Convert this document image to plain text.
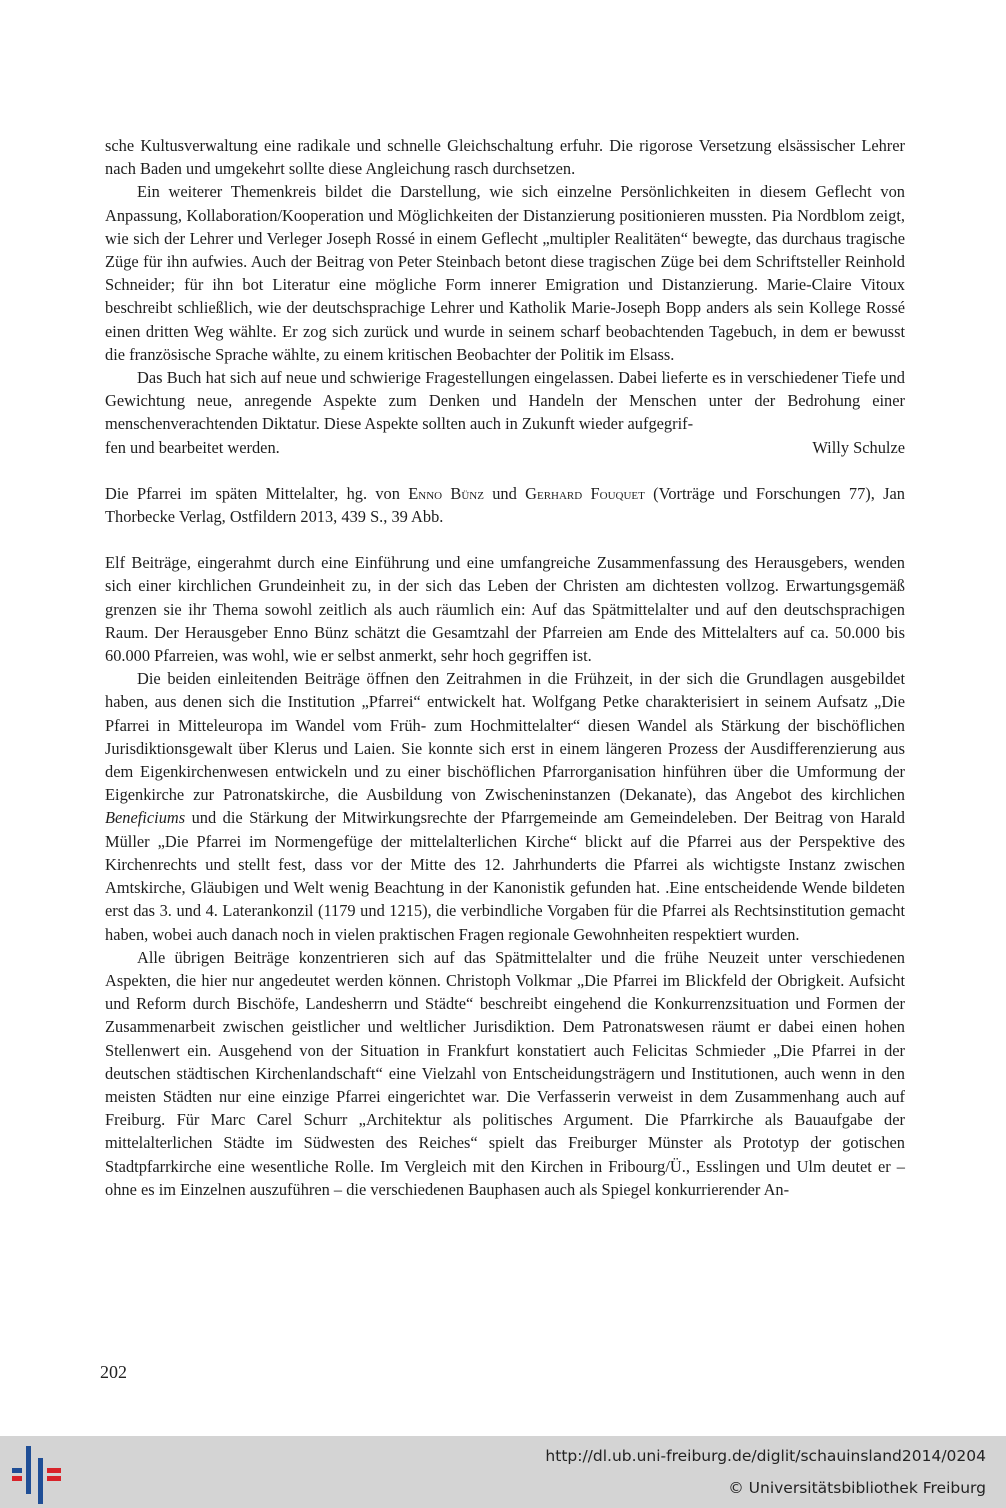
sche Kultusverwaltung eine radikale und schnelle Gleichschaltung erfuhr. Die rigorose Versetzung elsässischer Lehrer nach Baden und umgekehrt sollte diese Angleichung rasch durchsetzen.

Ein weiterer Themenkreis bildet die Darstellung, wie sich einzelne Persönlichkeiten in diesem Geflecht von Anpassung, Kollaboration/Kooperation und Möglichkeiten der Distanzierung positionieren mussten. Pia Nordblom zeigt, wie sich der Lehrer und Verleger Joseph Rossé in einem Geflecht „multipler Realitäten“ bewegte, das durchaus tragische Züge für ihn aufwies. Auch der Beitrag von Peter Steinbach betont diese tragischen Züge bei dem Schriftsteller Reinhold Schneider; für ihn bot Literatur eine mögliche Form innerer Emigration und Distanzierung. Marie-Claire Vitoux beschreibt schließlich, wie der deutschsprachige Lehrer und Katholik Marie-Joseph Bopp anders als sein Kollege Rossé einen dritten Weg wählte. Er zog sich zurück und wurde in seinem scharf beobachtenden Tagebuch, in dem er bewusst die französische Sprache wählte, zu einem kritischen Beobachter der Politik im Elsass.

Das Buch hat sich auf neue und schwierige Fragestellungen eingelassen. Dabei lieferte es in verschiedener Tiefe und Gewichtung neue, anregende Aspekte zum Denken und Handeln der Menschen unter der Bedrohung einer menschenverachtenden Diktatur. Diese Aspekte sollten auch in Zukunft wieder aufgegrif-

fen und bearbeitet werden.	Willy Schulze

Die Pfarrei im späten Mittelalter, hg. von Enno Bünz und Gerhard Fouquet (Vorträge und Forschungen 77), Jan Thorbecke Verlag, Ostfildern 2013, 439 S., 39 Abb.

Elf Beiträge, eingerahmt durch eine Einführung und eine umfangreiche Zusammenfassung des Herausgebers, wenden sich einer kirchlichen Grundeinheit zu, in der sich das Leben der Christen am dichtesten vollzog. Erwartungsgemäß grenzen sie ihr Thema sowohl zeitlich als auch räumlich ein: Auf das Spätmittelalter und auf den deutschsprachigen Raum. Der Herausgeber Enno Bünz schätzt die Gesamtzahl der Pfarreien am Ende des Mittelalters auf ca. 50.000 bis 60.000 Pfarreien, was wohl, wie er selbst anmerkt, sehr hoch gegriffen ist.

Die beiden einleitenden Beiträge öffnen den Zeitrahmen in die Frühzeit, in der sich die Grundlagen ausgebildet haben, aus denen sich die Institution „Pfarrei“ entwickelt hat. Wolfgang Petke charakterisiert in seinem Aufsatz „Die Pfarrei in Mitteleuropa im Wandel vom Früh- zum Hochmittelalter“ diesen Wandel als Stärkung der bischöflichen Jurisdiktionsgewalt über Klerus und Laien. Sie konnte sich erst in einem längeren Prozess der Ausdifferenzierung aus dem Eigenkirchenwesen entwickeln und zu einer bischöflichen Pfarrorganisation hinführen über die Umformung der Eigenkirche zur Patronatskirche, die Ausbildung von Zwischeninstanzen (Dekanate), das Angebot des kirchlichen Beneficiums und die Stärkung der Mitwirkungsrechte der Pfarrgemeinde am Gemeindeleben. Der Beitrag von Harald Müller „Die Pfarrei im Normengefüge der mittelalterlichen Kirche“ blickt auf die Pfarrei aus der Perspektive des Kirchenrechts und stellt fest, dass vor der Mitte des 12. Jahrhunderts die Pfarrei als wichtigste Instanz zwischen Amtskirche, Gläubigen und Welt wenig Beachtung in der Kanonistik gefunden hat. .Eine entscheidende Wende bildeten erst das 3. und 4. Laterankonzil (1179 und 1215), die verbindliche Vorgaben für die Pfarrei als Rechtsinstitution gemacht haben, wobei auch danach noch in vielen praktischen Fragen regionale Gewohnheiten respektiert wurden.

Alle übrigen Beiträge konzentrieren sich auf das Spätmittelalter und die frühe Neuzeit unter verschiedenen Aspekten, die hier nur angedeutet werden können. Christoph Volkmar „Die Pfarrei im Blickfeld der Obrigkeit. Aufsicht und Reform durch Bischöfe, Landesherrn und Städte“ beschreibt eingehend die Konkurrenzsituation und Formen der Zusammenarbeit zwischen geistlicher und weltlicher Jurisdiktion. Dem Patronatswesen räumt er dabei einen hohen Stellenwert ein. Ausgehend von der Situation in Frankfurt konstatiert auch Felicitas Schmieder „Die Pfarrei in der deutschen städtischen Kirchenlandschaft“ eine Vielzahl von Entscheidungsträgern und Institutionen, auch wenn in den meisten Städten nur eine einzige Pfarrei eingerichtet war. Die Verfasserin verweist in dem Zusammenhang auch auf Freiburg. Für Marc Carel Schurr „Architektur als politisches Argument. Die Pfarrkirche als Bauaufgabe der mittelalterlichen Städte im Südwesten des Reiches“ spielt das Freiburger Münster als Prototyp der gotischen Stadtpfarrkirche eine wesentliche Rolle. Im Vergleich mit den Kirchen in Fribourg/Ü., Esslingen und Ulm deutet er – ohne es im Einzelnen auszuführen – die verschiedenen Bauphasen auch als Spiegel konkurrierender An-

202
http://dl.ub.uni-freiburg.de/diglit/schauinsland2014/0204
© Universitätsbibliothek Freiburg
